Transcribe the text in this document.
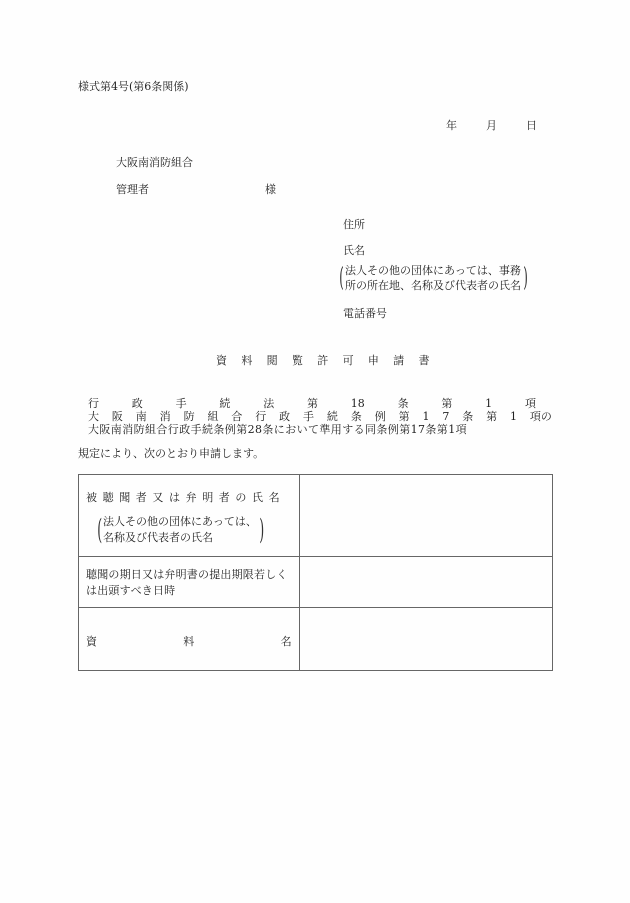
様式第4号(第6条関係)
年	月	日
大阪南消防組合
管理者	様
住所
氏名
( 法人その他の団体にあっては、事務
所の所在地、名称及び代表者の氏名 )
電話番号
資料閲覧許可申請書
行	政	手	続	法	第	18	条	第	1	項
大 阪 南 消 防 組 合 行 政 手 続 条 例 第 1 7 条 第 1 項の
大阪南消防組合行政手続条例第28条において準用する同条例第17条第1項
規定により、次のとおり申請します。
被聴聞者又は弁明者の氏名
( 法人その他の団体にあっては、
名称及び代表者の氏名 )	

聴聞の期日又は弁明書の提出期限若しくは出頭すべき日時	

資 料 名	
